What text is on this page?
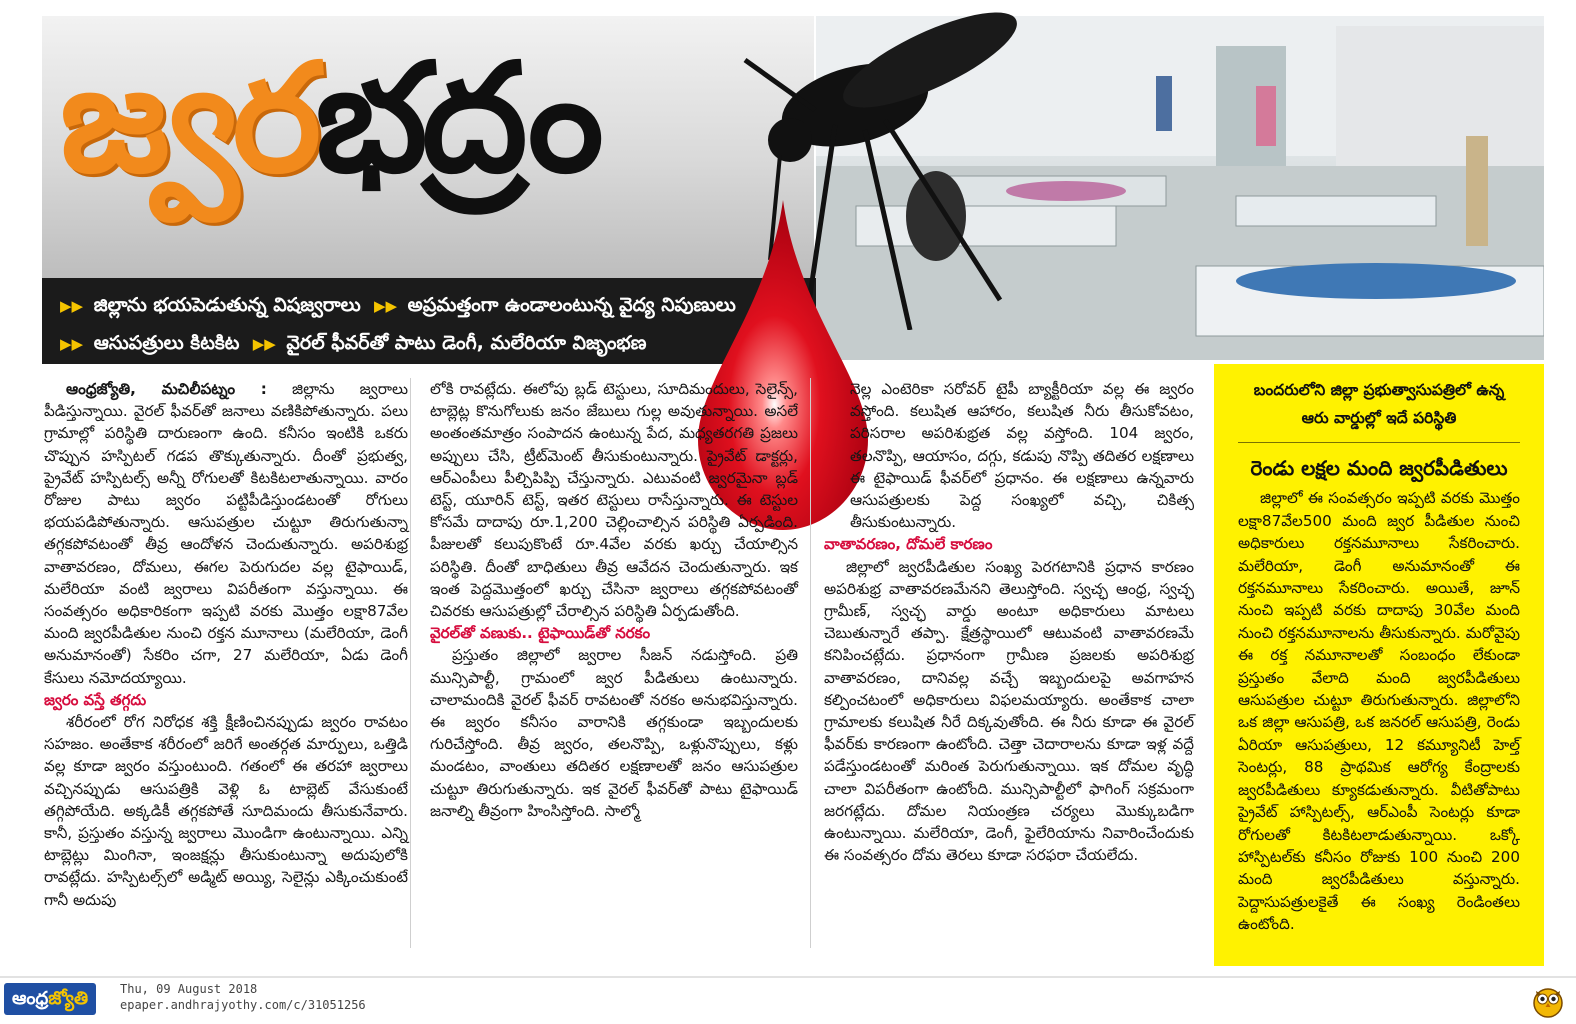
జ్వరభద్రం
▶▶ జిల్లాను భయపెడుతున్న విషజ్వరాలు ▶▶ అప్రమత్తంగా ఉండాలంటున్న వైద్య నిపుణులు
▶▶ ఆసుపత్రులు కిటకిట ▶▶ వైరల్ ఫీవర్‌తో పాటు డెంగీ, మలేరియా విజృంభణ

ఆంధ్రజ్యోతి, మచిలీపట్నం : జిల్లాను జ్వరాలు పీడిస్తున్నాయి. వైరల్ ఫీవర్‌తో జనాలు వణికిపోతున్నారు. పలు గ్రామాల్లో పరిస్థితి దారుణంగా ఉంది. కనీసం ఇంటికి ఒకరు చొప్పున హస్పిటల్ గడప తొక్కుతున్నారు. దీంతో ప్రభుత్వ, ప్రైవేట్ హస్పిటల్స్ అన్నీ రోగులతో కిటకిటలాతున్నాయి. వారం రోజుల పాటు జ్వరం పట్టిపీడిస్తుండటంతో రోగులు భయపడిపోతున్నారు. ఆసుపత్రుల చుట్టూ తిరుగుతున్నా తగ్గకపోవటంతో తీవ్ర ఆందోళన చెందుతున్నారు. అపరిశుభ్ర వాతావరణం, దోమలు, ఈగల పెరుగుదల వల్ల టైఫాయిడ్, మలేరియా వంటి జ్వరాలు విపరీతంగా వస్తున్నాయి. ఈ సంవత్సరం అధికారికంగా ఇప్పటి వరకు మొత్తం లక్షా87వేల మంది జ్వరపీడితుల నుంచి రక్తన మూనాలు (మలేరియా, డెంగీ అనుమానంతో) సేకరిం చగా, 27 మలేరియా, ఏడు డెంగీ కేసులు నమోదయ్యాయి.

జ్వరం వస్తే తగ్గదు

శరీరంలో రోగ నిరోధక శక్తి క్షీణించినప్పుడు జ్వరం రావటం సహజం. అంతేకాక శరీరంలో జరిగే అంతర్గత మార్పులు, ఒత్తిడి వల్ల కూడా జ్వరం వస్తుంటుంది. గతంలో ఈ తరహా జ్వరాలు వచ్చినప్పుడు ఆసుపత్రికి వెళ్లి ఓ టాబ్లెట్ వేసుకుంటే తగ్గిపోయేది. అక్కడికీ తగ్గకపోతే సూదిమందు తీసుకునేవారు. కానీ, ప్రస్తుతం వస్తున్న జ్వరాలు మొండిగా ఉంటున్నాయి. ఎన్ని టాబ్లెట్లు మింగినా, ఇంజక్షన్లు తీసుకుంటున్నా అదుపులోకి రావట్లేదు. హస్పిటల్స్‌లో అడ్మిట్ అయ్యి, సెలైన్లు ఎక్కించుకుంటే గానీ అదుపు

లోకి రావట్లేదు. ఈలోపు బ్లడ్ టెస్టులు, సూదిమందులు, సెలైన్స్, టాబ్లెట్ల కొనుగోలుకు జనం జేబులు గుల్ల అవుతున్నాయి. అసలే అంతంతమాత్రం సంపాదన ఉంటున్న పేద, మధ్యతరగతి ప్రజలు అప్పులు చేసి, ట్రీట్‌మెంట్ తీసుకుంటున్నారు. ప్రైవేట్ డాక్టర్లు, ఆర్‌ఎంపీలు పీల్చిపిప్పి చేస్తున్నారు. ఎటువంటి జ్వరమైనా బ్లడ్ టెస్ట్, యూరిన్ టెస్ట్, ఇతర టెస్టులు రాసేస్తున్నారు. ఈ టెస్టుల కోసమే దాదాపు రూ.1,200 చెల్లించాల్సిన పరిస్థితి ఏర్పడింది. పీజులతో కలుపుకొంటే రూ.4వేల వరకు ఖర్చు చేయాల్సిన పరిస్థితి. దీంతో బాధితులు తీవ్ర ఆవేదన చెందుతున్నారు. ఇక ఇంత పెద్దమొత్తంలో ఖర్చు చేసినా జ్వరాలు తగ్గకపోవటంతో చివరకు ఆసుపత్రుల్లో చేరాల్సిన పరిస్థితి ఏర్పడుతోంది.

వైరల్‌తో వణుకు.. టైఫాయిడ్‌తో నరకం

ప్రస్తుతం జిల్లాలో జ్వరాల సీజన్ నడుస్తోంది. ప్రతి మున్సిపాల్టీ, గ్రామంలో జ్వర పీడితులు ఉంటున్నారు. చాలామందికి వైరల్ ఫీవర్ రావటంతో నరకం అనుభవిస్తున్నారు. ఈ జ్వరం కనీసం వారానికి తగ్గకుండా ఇబ్బందులకు గురిచేస్తోంది. తీవ్ర జ్వరం, తలనొప్పి, ఒళ్లునొప్పులు, కళ్లు మండటం, వాంతులు తదితర లక్షణాలతో జనం ఆసుపత్రుల చుట్టూ తిరుగుతున్నారు. ఇక వైరల్ ఫీవర్‌తో పాటు టైఫాయిడ్ జనాల్ని తీవ్రంగా హింసిస్తోంది. సాల్మో

నెల్ల ఎంటెరికా సరోవర్ టైపీ బ్యాక్టీరియా వల్ల ఈ జ్వరం వస్తోంది. కలుషిత ఆహారం, కలుషిత నీరు తీసుకోవటం, పరిసరాల అపరిశుభ్రత వల్ల వస్తోంది. 104 జ్వరం, తలనొప్పి, ఆయాసం, దగ్గు, కడుపు నొప్పి తదితర లక్షణాలు ఈ టైఫాయిడ్ ఫీవర్‌లో ప్రధానం. ఈ లక్షణాలు ఉన్నవారు ఆసుపత్రులకు పెద్ద సంఖ్యలో వచ్చి, చికిత్స తీసుకుంటున్నారు.

వాతావరణం, దోమలే కారణం

జిల్లాలో జ్వరపీడితుల సంఖ్య పెరగటానికి ప్రధాన కారణం అపరిశుభ్ర వాతావరణమేనని తెలుస్తోంది. స్వచ్ఛ ఆంధ్ర, స్వచ్ఛ గ్రామీణ్, స్వచ్ఛ వార్డు అంటూ అధికారులు మాటలు చెబుతున్నారే తప్పా. క్షేత్రస్థాయిలో ఆటువంటి వాతావరణమే కనిపించట్లేదు. ప్రధానంగా గ్రామీణ ప్రజలకు అపరిశుభ్ర వాతావరణం, దానివల్ల వచ్చే ఇబ్బందులపై అవగాహన కల్పించటంలో అధికారులు విఫలమయ్యారు. అంతేకాక చాలా గ్రామాలకు కలుషిత నీరే దిక్కవుతోంది. ఈ నీరు కూడా ఈ వైరల్ ఫీవర్‌కు కారణంగా ఉంటోంది. చెత్తా చెదారాలను కూడా ఇళ్ల వద్దే పడేస్తుండటంతో మరింత పెరుగుతున్నాయి. ఇక దోమల వృద్ధి చాలా విపరీతంగా ఉంటోంది. మున్సిపాల్టీలో ఫాగింగ్ సక్రమంగా జరగట్లేదు. దోమల నియంత్రణ చర్యలు మొక్కుబడిగా ఉంటున్నాయి. మలేరియా, డెంగీ, ఫైలేరియాను నివారించేందుకు ఈ సంవత్సరం దోమ తెరలు కూడా సరఫరా చేయలేదు.

బందరులోని జిల్లా ప్రభుత్వాసుపత్రిలో ఉన్న ఆరు వార్డుల్లో ఇదే పరిస్థితి
రెండు లక్షల మంది జ్వరపీడితులు

జిల్లాలో ఈ సంవత్సరం ఇప్పటి వరకు మొత్తం లక్షా87వేల500 మంది జ్వర పీడితుల నుంచి అధికారులు రక్తనమూనాలు సేకరించారు. మలేరియా, డెంగీ అనుమానంతో ఈ రక్తనమూనాలు సేకరించారు. అయితే, జూన్ నుంచి ఇప్పటి వరకు దాదాపు 30వేల మంది నుంచి రక్తనమూనాలను తీసుకున్నారు. మరోవైపు ఈ రక్త నమూనాలతో సంబంధం లేకుండా ప్రస్తుతం వేలాది మంది జ్వరపీడితులు ఆసుపత్రుల చుట్టూ తిరుగుతున్నారు. జిల్లాలోని ఒక జిల్లా ఆసుపత్రి, ఒక జనరల్ ఆసుపత్రి, రెండు ఏరియా ఆసుపత్రులు, 12 కమ్యూనిటీ హెల్త్ సెంటర్లు, 88 ప్రాథమిక ఆరోగ్య కేంద్రాలకు జ్వరపీడితులు క్యూకడుతున్నారు. వీటితోపాటు ప్రైవేట్ హాస్పిటల్స్, ఆర్‌ఎంపీ సెంటర్లు కూడా రోగులతో కిటకిటలాడుతున్నాయి. ఒక్కో హాస్పిటల్‌కు కనీసం రోజుకు 100 నుంచి 200 మంది జ్వరపీడితులు వస్తున్నారు. పెద్దాసుపత్రులకైతే ఈ సంఖ్య రెండింతలు ఉంటోంది.

ఆంధ్రజ్యోతి	Thu, 09 August 2018
epaper.andhrajyothy.com/c/31051256
